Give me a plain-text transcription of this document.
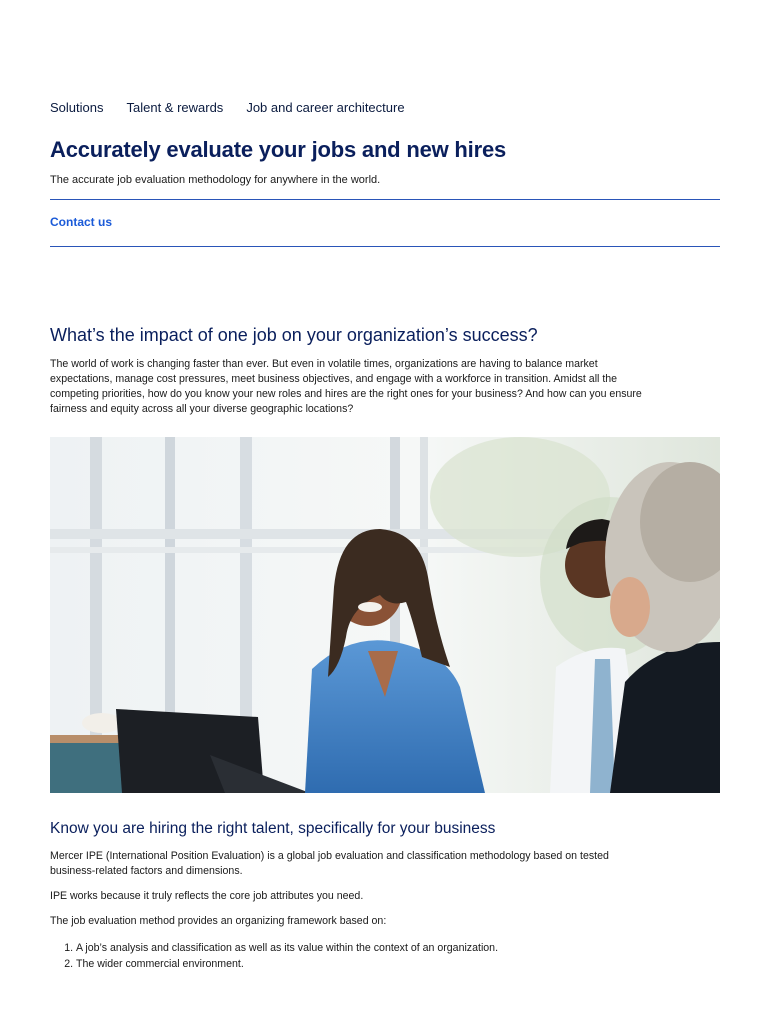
Solutions Talent & rewards Job and career architecture
Accurately evaluate your jobs and new hires

The accurate job evaluation methodology for anywhere in the world.

Contact us
What’s the impact of one job on your organization’s success?

The world of work is changing faster than ever. But even in volatile times, organizations are having to balance market expectations, manage cost pressures, meet business objectives, and engage with a workforce in transition. Amidst all the competing priorities, how do you know your new roles and hires are the right ones for your business? And how can you ensure fairness and equity across all your diverse geographic locations?

Know you are hiring the right talent, specifically for your business

Mercer IPE (International Position Evaluation) is a global job evaluation and classification methodology based on tested business-related factors and dimensions.

IPE works because it truly reflects the core job attributes you need.

The job evaluation method provides an organizing framework based on:

1. A job’s analysis and classification as well as its value within the context of an organization.
2. The wider commercial environment.
